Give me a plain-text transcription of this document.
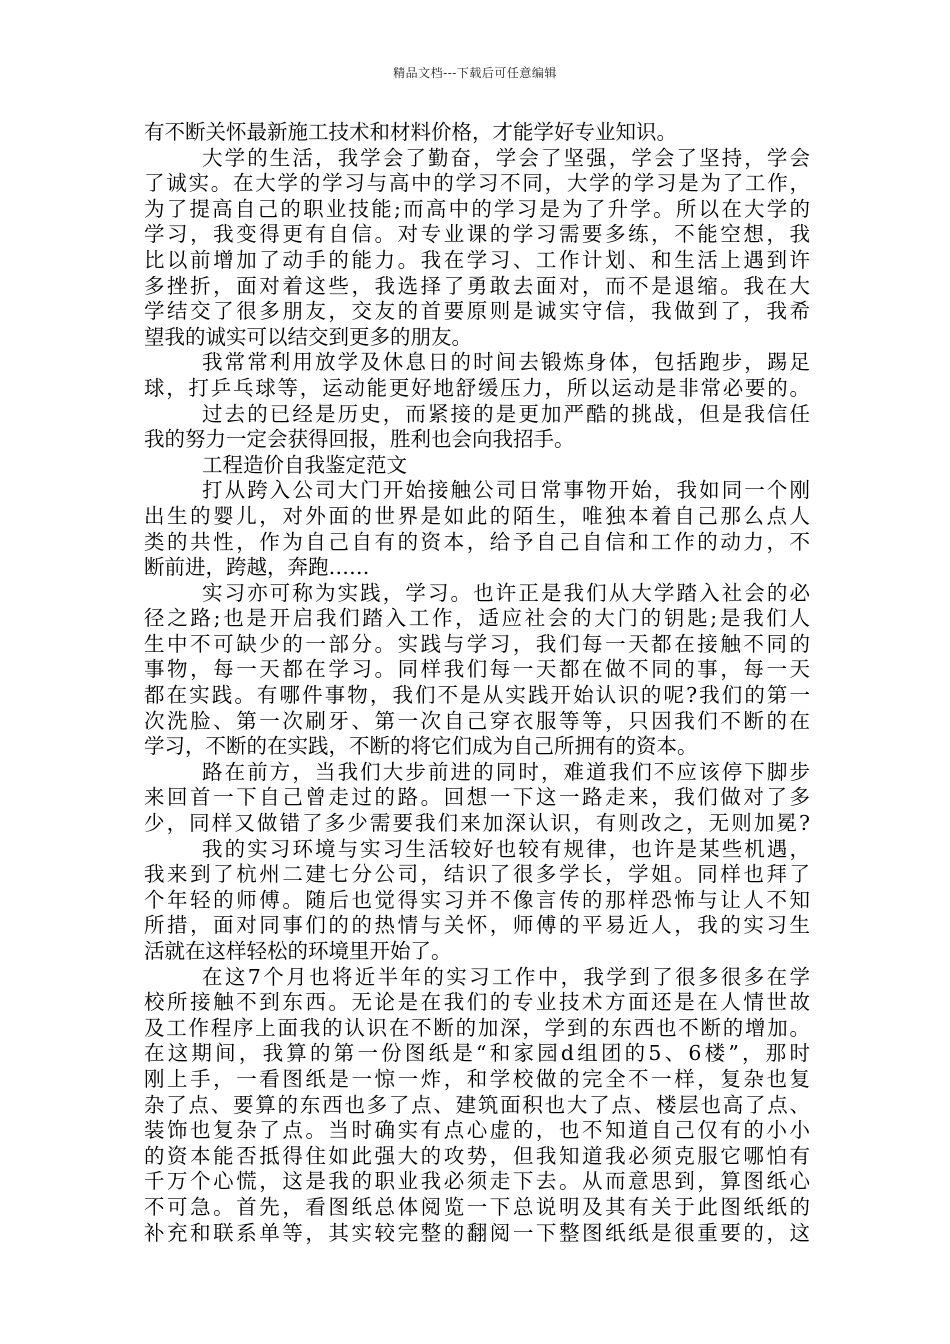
精品文档---下载后可任意编辑
有不断关怀最新施工技术和材料价格，才能学好专业知识。
大学的生活，我学会了勤奋，学会了坚强，学会了坚持，学会
了诚实。在大学的学习与高中的学习不同，大学的学习是为了工作，
为了提高自己的职业技能;而高中的学习是为了升学。所以在大学的
学习，我变得更有自信。对专业课的学习需要多练，不能空想，我
比以前增加了动手的能力。我在学习、工作计划、和生活上遇到许
多挫折，面对着这些，我选择了勇敢去面对，而不是退缩。我在大
学结交了很多朋友，交友的首要原则是诚实守信，我做到了，我希
望我的诚实可以结交到更多的朋友。
我常常利用放学及休息日的时间去锻炼身体，包括跑步，踢足
球，打乒乓球等，运动能更好地舒缓压力，所以运动是非常必要的。
过去的已经是历史，而紧接的是更加严酷的挑战，但是我信任
我的努力一定会获得回报，胜利也会向我招手。
工程造价自我鉴定范文
打从跨入公司大门开始接触公司日常事物开始，我如同一个刚
出生的婴儿，对外面的世界是如此的陌生，唯独本着自己那么点人
类的共性，作为自己自有的资本，给予自己自信和工作的动力，不
断前进，跨越，奔跑……
实习亦可称为实践，学习。也许正是我们从大学踏入社会的必
径之路;也是开启我们踏入工作，适应社会的大门的钥匙;是我们人
生中不可缺少的一部分。实践与学习，我们每一天都在接触不同的
事物，每一天都在学习。同样我们每一天都在做不同的事，每一天
都在实践。有哪件事物，我们不是从实践开始认识的呢?我们的第一
次洗脸、第一次刷牙、第一次自己穿衣服等等，只因我们不断的在
学习，不断的在实践，不断的将它们成为自己所拥有的资本。
路在前方，当我们大步前进的同时，难道我们不应该停下脚步
来回首一下自己曾走过的路。回想一下这一路走来，我们做对了多
少，同样又做错了多少需要我们来加深认识，有则改之，无则加冕?
我的实习环境与实习生活较好也较有规律，也许是某些机遇，
我来到了杭州二建七分公司，结识了很多学长，学姐。同样也拜了
个年轻的师傅。随后也觉得实习并不像言传的那样恐怖与让人不知
所措，面对同事们的的热情与关怀，师傅的平易近人，我的实习生
活就在这样轻松的环境里开始了。
在这7个月也将近半年的实习工作中，我学到了很多很多在学
校所接触不到东西。无论是在我们的专业技术方面还是在人情世故
及工作程序上面我的认识在不断的加深，学到的东西也不断的增加。
在这期间，我算的第一份图纸是“和家园d组团的5、6楼”，那时
刚上手，一看图纸是一惊一炸，和学校做的完全不一样，复杂也复
杂了点、要算的东西也多了点、建筑面积也大了点、楼层也高了点、
装饰也复杂了点。当时确实有点心虚的，也不知道自己仅有的小小
的资本能否抵得住如此强大的攻势，但我知道我必须克服它哪怕有
千万个心慌，这是我的职业我必须走下去。从而意思到，算图纸心
不可急。首先，看图纸总体阅览一下总说明及其有关于此图纸纸的
补充和联系单等，其实较完整的翻阅一下整图纸纸是很重要的，这
